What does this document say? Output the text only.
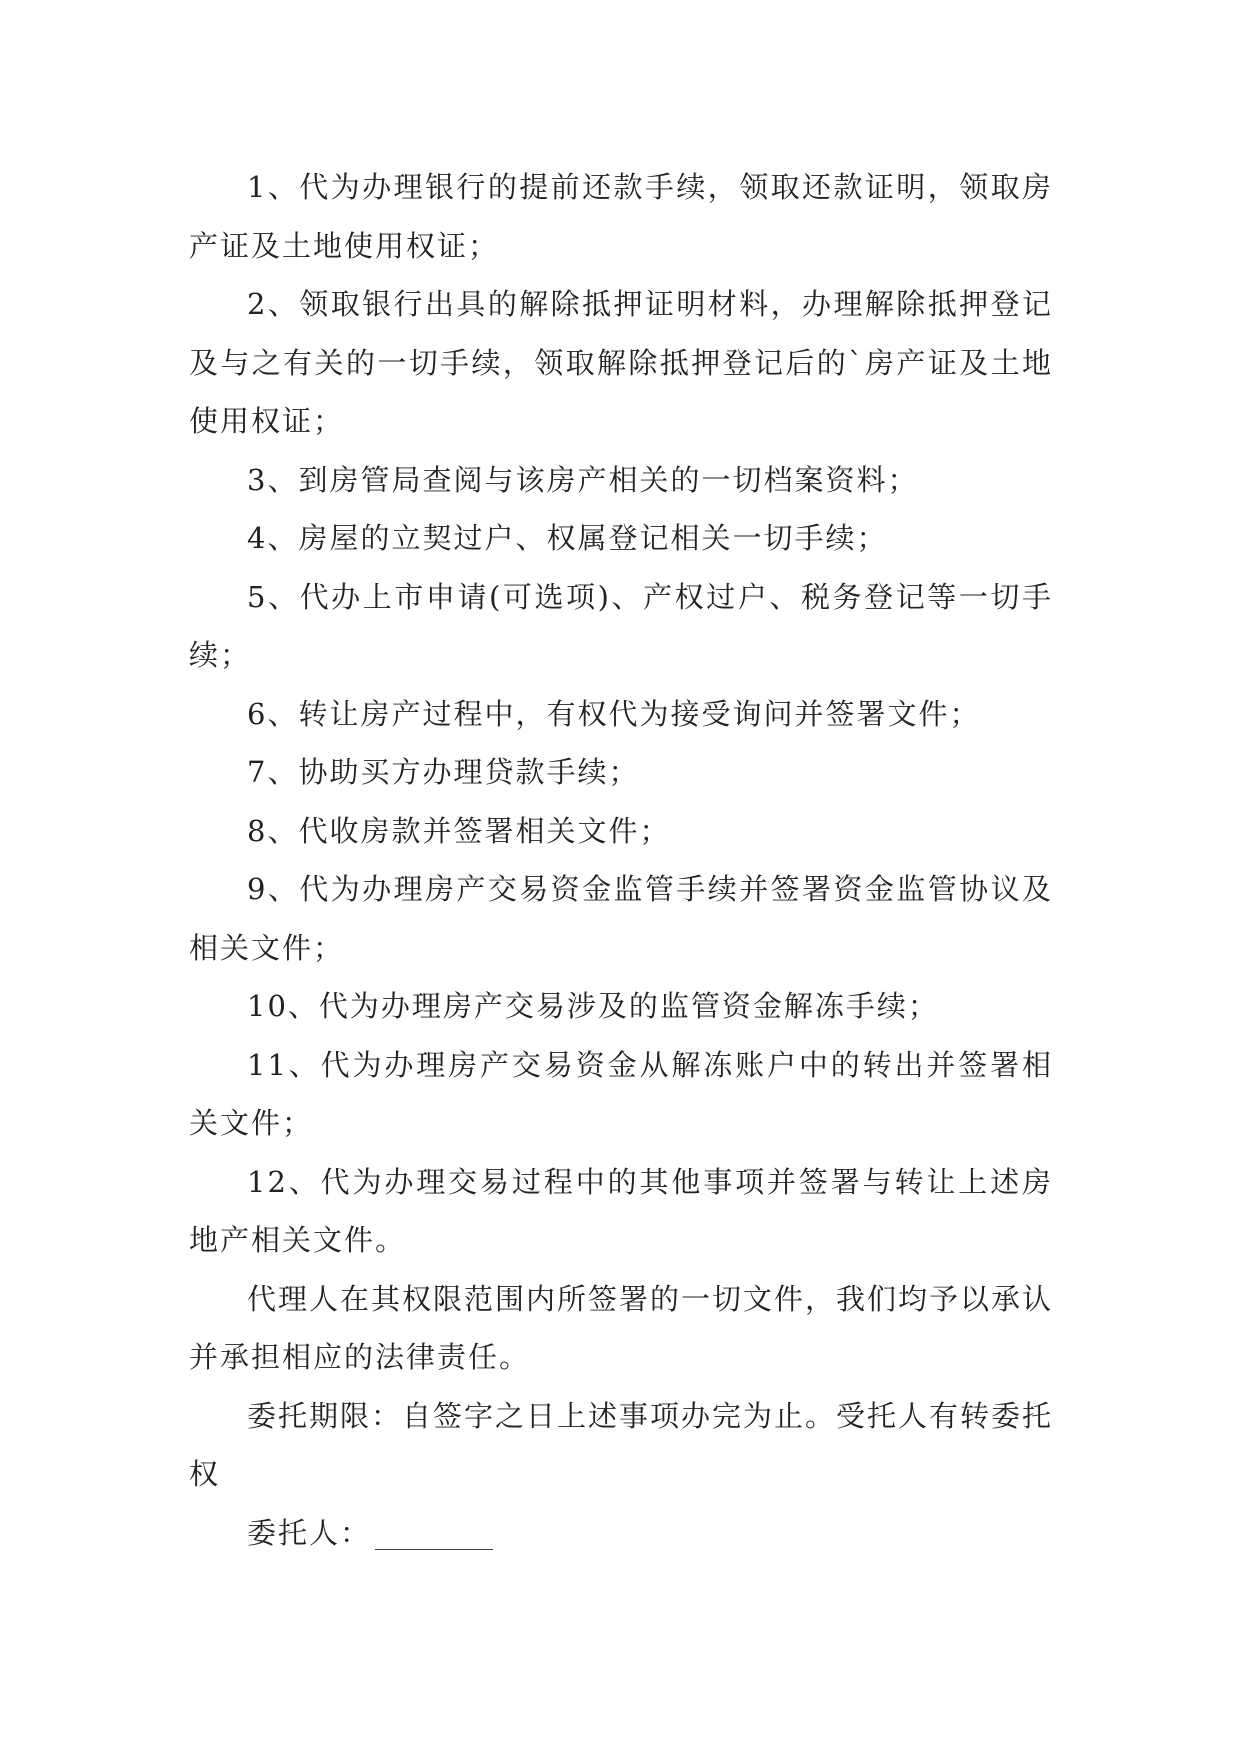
1、代为办理银行的提前还款手续，领取还款证明，领取房产证及土地使用权证；

2、领取银行出具的解除抵押证明材料，办理解除抵押登记及与之有关的一切手续，领取解除抵押登记后的`房产证及土地使用权证；

3、到房管局查阅与该房产相关的一切档案资料；

4、房屋的立契过户、权属登记相关一切手续；

5、代办上市申请(可选项)、产权过户、税务登记等一切手续；

6、转让房产过程中，有权代为接受询问并签署文件；

7、协助买方办理贷款手续；

8、代收房款并签署相关文件；

9、代为办理房产交易资金监管手续并签署资金监管协议及相关文件；

10、代为办理房产交易涉及的监管资金解冻手续；

11、代为办理房产交易资金从解冻账户中的转出并签署相关文件；

12、代为办理交易过程中的其他事项并签署与转让上述房地产相关文件。

代理人在其权限范围内所签署的一切文件，我们均予以承认并承担相应的法律责任。

委托期限：自签字之日上述事项办完为止。受托人有转委托权

委托人：
